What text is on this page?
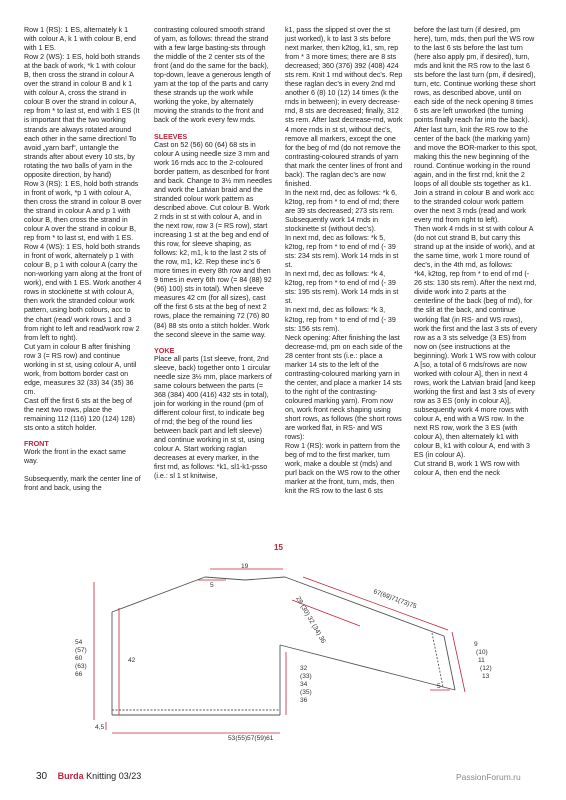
Row 1 (RS): 1 ES, alternately k 1 with colour A, k 1 with colour B, end with 1 ES.

Row 2 (WS): 1 ES, hold both strands at the back of work, *k 1 with colour B, then cross the strand in colour A over the strand in colour B and k 1 with colour A, cross the strand in colour B over the strand in colour A, rep from * to last st, end with 1 ES (It is important that the two working strands are always rotated around each other in the same direction! To avoid „yarn barf“, untangle the strands after about every 10 sts, by rotating the two balls of yarn in the opposite direction, by hand)

Row 3 (RS): 1 ES, hold both strands in front of work, *p 1 with colour A, then cross the strand in colour B over the strand in colour A and p 1 with colour B, then cross the strand in colour A over the strand in colour B, rep from * to last st, end with 1 ES.

Row 4 (WS): 1 ES, hold both strands in front of work, alternately p 1 with colour B, p 1 with colour A (carry the non-working yarn along at the front of work), end with 1 ES. Work another 4 rows in stockinette st with colour A, then work the stranded colour work pattern, using both colours, acc to the chart (read/ work rows 1 and 3 from right to left and read/work row 2 from left to right).

Cut yarn in colour B after finishing row 3 (= RS row) and continue working in st st, using colour A, until work, from bottom border cast on edge, measures 32 (33) 34 (35) 36 cm.

Cast off the first 6 sts at the beg of the next two rows, place the remaining 112 (116) 120 (124) 128) sts onto a stitch holder.

FRONT

Work the front in the exact same way.

Subsequently, mark the center line of front and back, using the

contrasting coloured smooth strand of yarn, as follows: thread the strand with a few large basting-sts through the middle of the 2 center sts of the front (and do the same for the back), top-down, leave a generous length of yarn at the top of the parts and carry these strands up the work while working the yoke, by alternately moving the strands to the front and back of the work every few rnds.

SLEEVES

Cast on 52 (56) 60 (64) 68 sts in colour A using needle size 3 mm and work 16 rnds acc to the 2-coloured border pattern, as described for front and back. Change to 3½ mm needles and work the Latvian braid and the stranded colour work pattern as described above. Cut colour B. Work 2 rnds in st st with colour A, and in the next row, row 3 (= RS row), start increasing 1 st at the beg and end of this row, for sleeve shaping, as follows: k2, m1, k to the last 2 sts of the row, m1, k2. Rep these inc's 6 more times in every 8th row and then 9 times in every 6th row (= 84 (88) 92 (96) 100) sts in total). When sleeve measures 42 cm (for all sizes), cast off the first 6 sts at the beg of next 2 rows, place the remaining 72 (76) 80 (84) 88 sts onto a stitch holder. Work the second sleeve in the same way.

YOKE

Place all parts (1st sleeve, front, 2nd sleeve, back) together onto 1 circular needle size 3½ mm, place markers of same colours between the parts (= 368 (384) 400 (416) 432 sts in total), join for working in the round (pm of different colour first, to indicate beg of rnd; the beg of the round lies between back part and left sleeve) and continue working in st st, using colour A. Start working raglan decreases at every marker, in the first rnd, as follows: *k1, sl1-k1-psso (i.e.: sl 1 st knitwise,

k1, pass the slipped st over the st just worked), k to last 3 sts before next marker, then k2tog, k1, sm, rep from * 3 more times; there are 8 sts decreased; 360 (376) 392 (408) 424 sts rem. Knit 1 rnd without dec's. Rep these raglan dec's in every 2nd rnd another 6 (8) 10 (12) 14 times (k the rnds in between); in every decrease-rnd, 8 sts are decreased; finally, 312 sts rem. After last decrease-rnd, work 4 more rnds in st st, without dec's, remove all markers, except the one for the beg of rnd (do not remove the contrasting-coloured strands of yarn that mark the center lines of front and back). The raglan dec's are now finished.

In the next rnd, dec as follows: *k 6, k2tog, rep from * to end of rnd; there are 39 sts decreased; 273 sts rem.

Subsequently work 14 rnds in stockinette st (without dec's).

In next rnd, dec as follows: *k 5, k2tog, rep from * to end of rnd (- 39 sts: 234 sts rem). Work 14 rnds in st st.

In next rnd, dec as follows: *k 4, k2tog, rep from * to end of rnd (- 39 sts: 195 sts rem). Work 14 rnds in st st.

In next rnd, dec as follows: *k 3, k2tog, rep from * to end of rnd (- 39 sts: 156 sts rem).

Neck opening: After finishing the last decrease-rnd, pm on each side of the 28 center front sts (i.e.: place a marker 14 sts to the left of the contrasting-coloured marking yarn in the center, and place a marker 14 sts to the right of the contrasting-coloured marking yarn). From now on, work front neck shaping using short rows, as follows (the short rows are worked flat, in RS- and WS rows):

Row 1 (RS): work in pattern from the beg of rnd to the first marker, turn work, make a double st (mds) and purl back on the WS row to the other marker at the front, turn, mds, then knit the RS row to the last 6 sts

before the last turn (if desired, pm here), turn, mds, then purl the WS row to the last 6 sts before the last turn (here also apply pm, if desired), turn, mds and knit the RS row to the last 6 sts before the last turn (pm, if desired), turn, etc. Continue working these short rows, as described above, until on each side of the neck opening 8 times 6 sts are left unworked (the turning points finally reach far into the back).

After last turn, knit the RS row to the center of the back (the marking yarn) and move the BOR-marker to this spot, making this the new beginning of the round. Continue working in the round again, and in the first rnd, knit the 2 loops of all double sts together as k1. Join a strand in colour B and work acc to the stranded colour work pattern over the next 3 rnds (read and work every rnd from right to left).

Then work 4 rnds in st st with colour A (do not cut strand B, but carry this strand up at the inside of work), and at the same time, work 1 more round of dec's, in the 4th rnd, as follows:

*k4, k2tog, rep from * to end of rnd (- 26 sts: 130 sts rem). After the next rnd, divide work into 2 parts at the centerline of the back (beg of rnd), for the slit at the back, and continue working flat (in RS- and WS rows), work the first and the last 3 sts of every row as a 3 sts selvedge (3 ES) from now on (see instructions at the beginning). Work 1 WS row with colour A [so, a total of 6 rnds/rows are now worked with colour A], then in next 4 rows, work the Latvian braid [and keep working the first and last 3 sts of every row as 3 ES (only in colour A)], subsequently work 4 more rows with colour A, end with a WS row. In the next RS row, work the 3 ES (with colour A), then alternately k1 with colour B, k1 with colour A, end with 3 ES (in colour A).

Cut strand B, work 1 WS row with colour A, then end the neck

15
19
5
28 (30) 32 (34) 36	67(69)71(73)75
42
5
4,5
53(55)57(59)61
54
(57)
60
(63)
66
32
(33)
34
(35)
36
9
(10)
11
(12)
13
30 Burda Knitting 03/23	PassionForum.ru
